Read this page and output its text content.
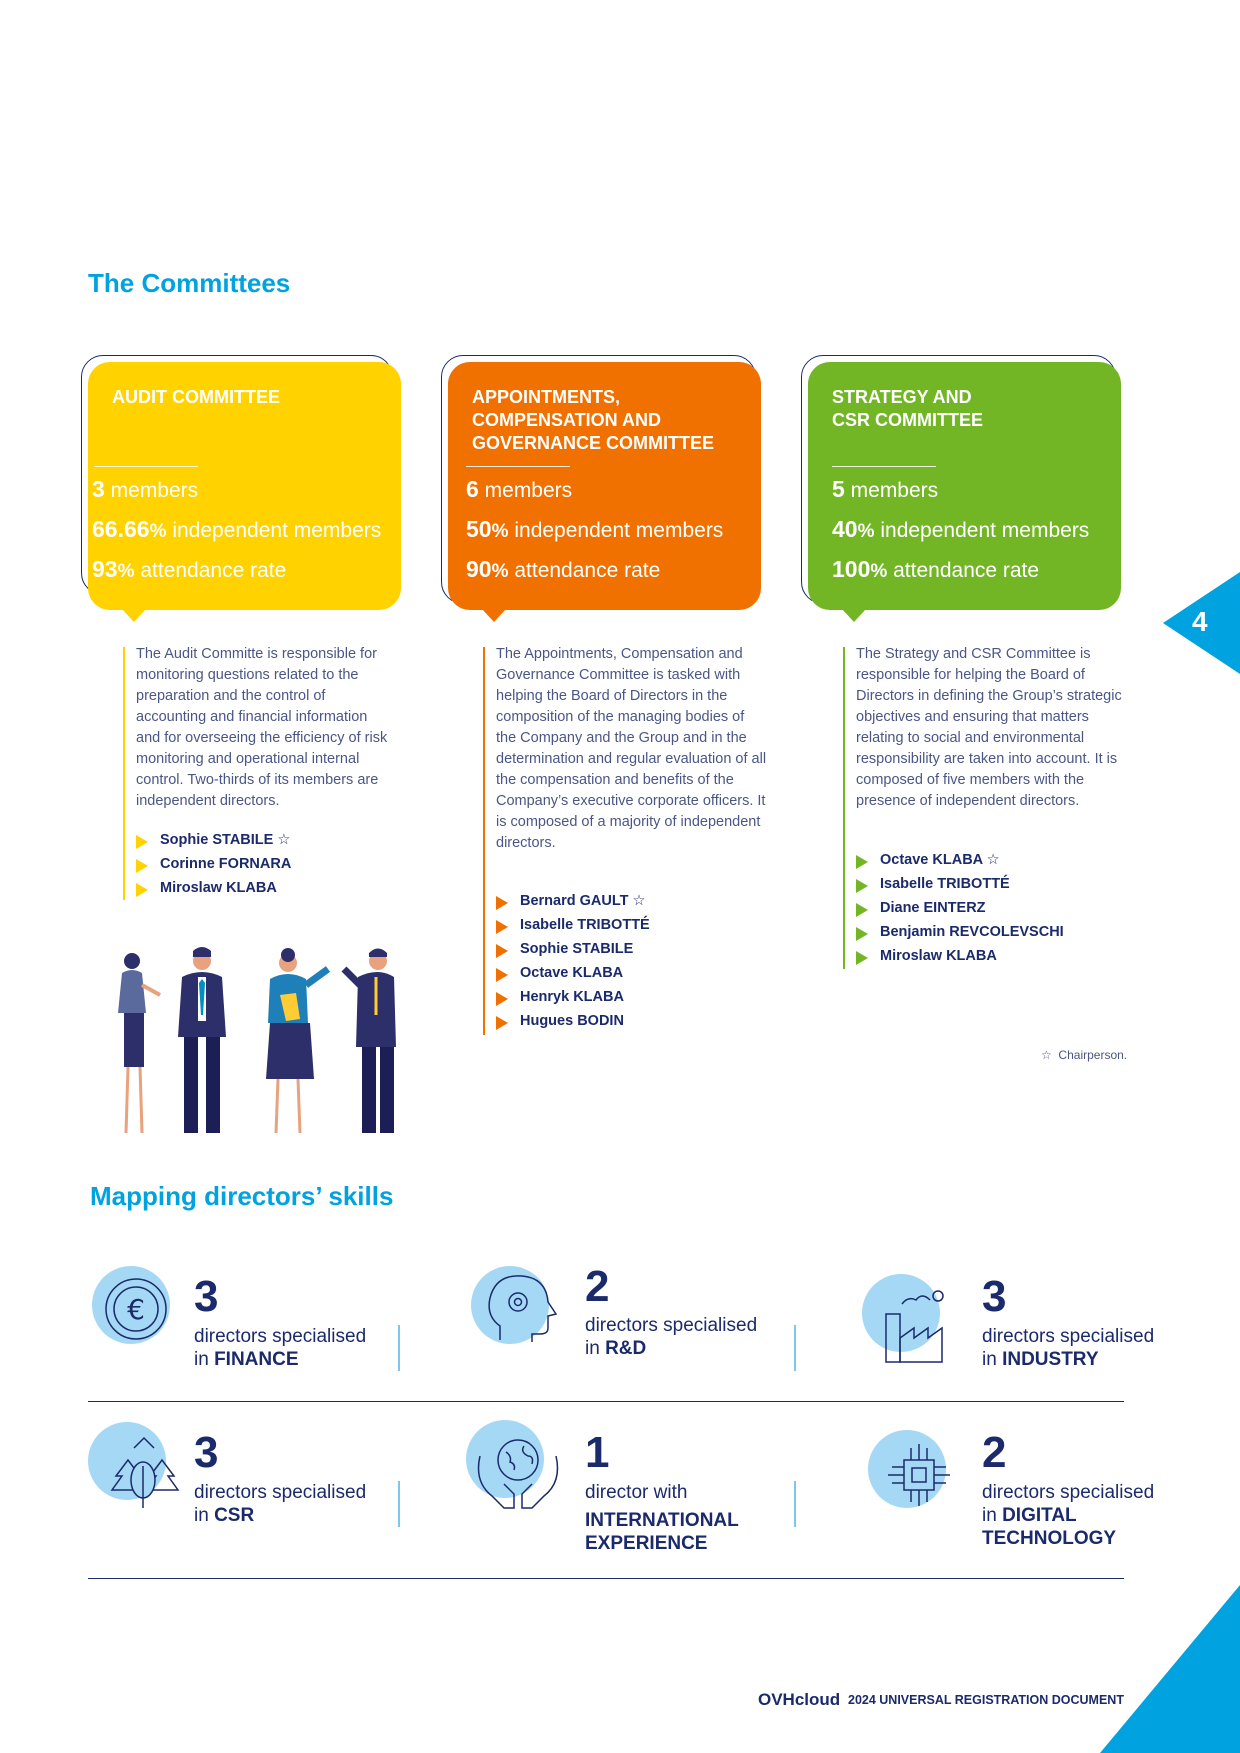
The Committees
AUDIT COMMITTEE
3 members
66.66% independent members
93% attendance rate
APPOINTMENTS,
COMPENSATION AND
GOVERNANCE COMMITTEE
6 members
50% independent members
90% attendance rate
STRATEGY AND
CSR COMMITTEE
5 members
40% independent members
100% attendance rate
4
The Audit Committe is responsible for monitoring questions related to the preparation and the control of accounting and financial information and for overseeing the efficiency of risk monitoring and operational internal control. Two-thirds of its members are independent directors.
Sophie STABILE ☆
Corinne FORNARA
Miroslaw KLABA
The Appointments, Compensation and Governance Committee is tasked with helping the Board of Directors in the composition of the managing bodies of the Company and the Group and in the determination and regular evaluation of all the compensation and benefits of the Company’s executive corporate officers. It is composed of a majority of independent directors.
Bernard GAULT ☆
Isabelle TRIBOTTÉ
Sophie STABILE
Octave KLABA
Henryk KLABA
Hugues BODIN
The Strategy and CSR Committee is responsible for helping the Board of Directors in defining the Group’s strategic objectives and ensuring that matters relating to social and environmental responsibility are taken into account. It is composed of five members with the presence of independent directors.
Octave KLABA ☆
Isabelle TRIBOTTÉ
Diane EINTERZ
Benjamin REVCOLEVSCHI
Miroslaw KLABA
☆  Chairperson.
Mapping directors’ skills
€ 3
directors specialised
in FINANCE
2
directors specialised
in R&D
3
directors specialised
in INDUSTRY
3
directors specialised
in CSR
1
director with
INTERNATIONAL EXPERIENCE
2
directors specialised
in DIGITAL TECHNOLOGY
OVHcloud 2024 UNIVERSAL REGISTRATION DOCUMENT
